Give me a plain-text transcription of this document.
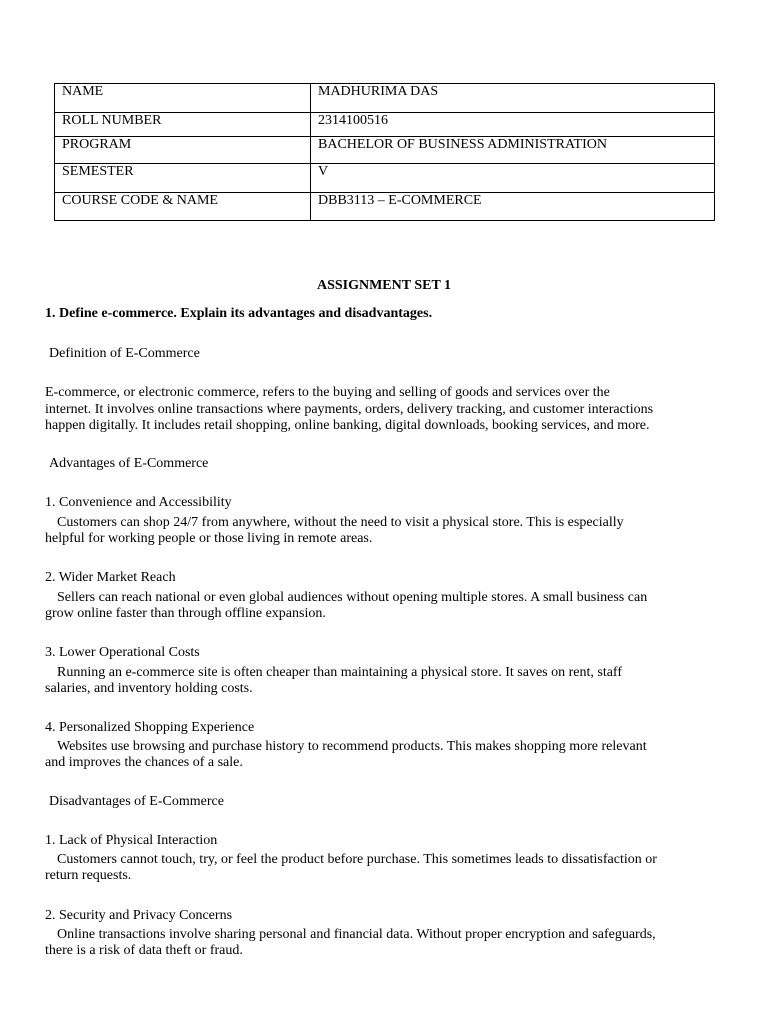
NAME	MADHURIMA DAS
ROLL NUMBER	2314100516
PROGRAM	BACHELOR OF BUSINESS ADMINISTRATION
SEMESTER	V
COURSE CODE & NAME	DBB3113 – E-COMMERCE

ASSIGNMENT SET 1

1. Define e-commerce. Explain its advantages and disadvantages.

Definition of E-Commerce

E-commerce, or electronic commerce, refers to the buying and selling of goods and services over the
internet. It involves online transactions where payments, orders, delivery tracking, and customer interactions
happen digitally. It includes retail shopping, online banking, digital downloads, booking services, and more.

Advantages of E-Commerce

1. Convenience and Accessibility
Customers can shop 24/7 from anywhere, without the need to visit a physical store. This is especially
helpful for working people or those living in remote areas.
2. Wider Market Reach
Sellers can reach national or even global audiences without opening multiple stores. A small business can
grow online faster than through offline expansion.
3. Lower Operational Costs
Running an e-commerce site is often cheaper than maintaining a physical store. It saves on rent, staff
salaries, and inventory holding costs.
4. Personalized Shopping Experience
Websites use browsing and purchase history to recommend products. This makes shopping more relevant
and improves the chances of a sale.

Disadvantages of E-Commerce

1. Lack of Physical Interaction
Customers cannot touch, try, or feel the product before purchase. This sometimes leads to dissatisfaction or
return requests.
2. Security and Privacy Concerns
Online transactions involve sharing personal and financial data. Without proper encryption and safeguards,
there is a risk of data theft or fraud.
